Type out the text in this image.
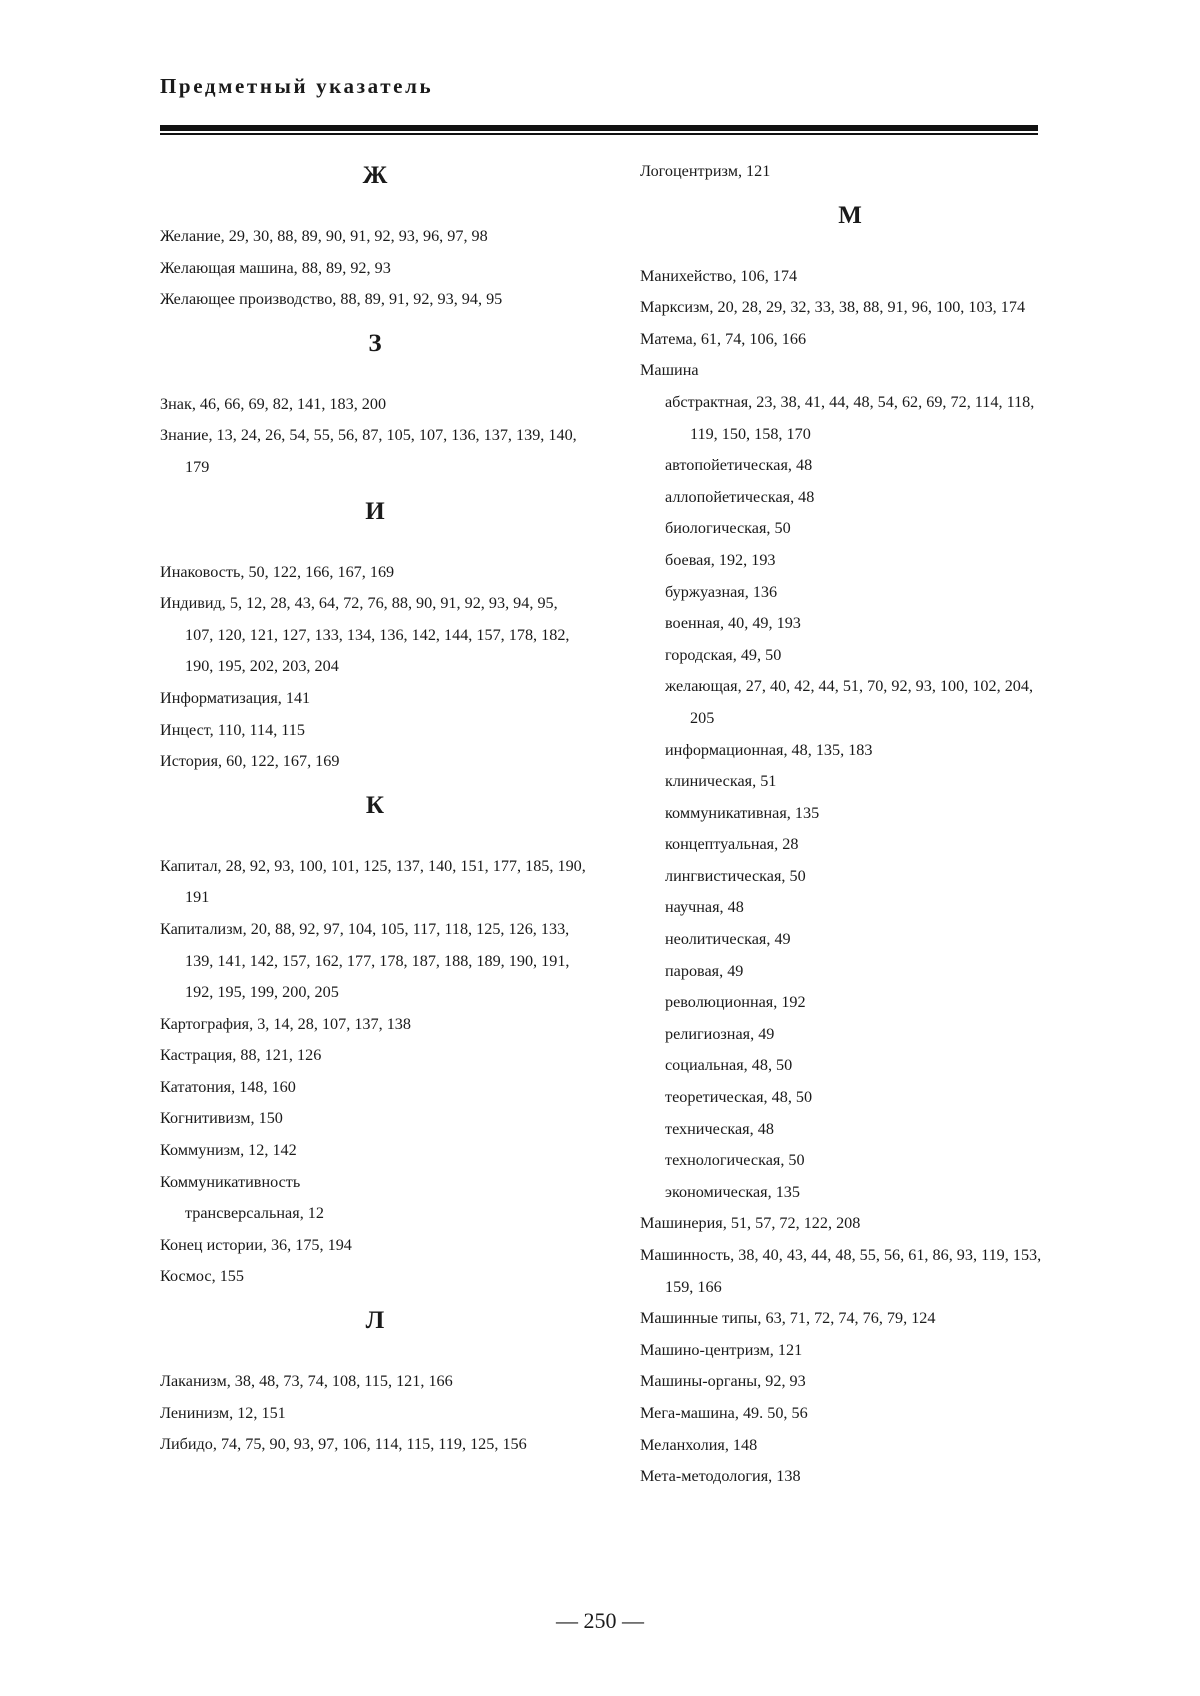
Предметный указатель
Ж
Желание, 29, 30, 88, 89, 90, 91, 92, 93, 96, 97, 98
Желающая машина, 88, 89, 92, 93
Желающее производство, 88, 89, 91, 92, 93, 94, 95
З
Знак, 46, 66, 69, 82, 141, 183, 200
Знание, 13, 24, 26, 54, 55, 56, 87, 105, 107, 136, 137, 139, 140, 179
И
Инаковость, 50, 122, 166, 167, 169
Индивид, 5, 12, 28, 43, 64, 72, 76, 88, 90, 91, 92, 93, 94, 95, 107, 120, 121, 127, 133, 134, 136, 142, 144, 157, 178, 182, 190, 195, 202, 203, 204
Информатизация, 141
Инцест, 110, 114, 115
История, 60, 122, 167, 169
К
Капитал, 28, 92, 93, 100, 101, 125, 137, 140, 151, 177, 185, 190, 191
Капитализм, 20, 88, 92, 97, 104, 105, 117, 118, 125, 126, 133, 139, 141, 142, 157, 162, 177, 178, 187, 188, 189, 190, 191, 192, 195, 199, 200, 205
Картография, 3, 14, 28, 107, 137, 138
Кастрация, 88, 121, 126
Кататония, 148, 160
Когнитивизм, 150
Коммунизм, 12, 142
Коммуникативность
трансверсальная, 12
Конец истории, 36, 175, 194
Космос, 155
Л
Лаканизм, 38, 48, 73, 74, 108, 115, 121, 166
Ленинизм, 12, 151
Либидо, 74, 75, 90, 93, 97, 106, 114, 115, 119, 125, 156
Логоцентризм, 121
М
Манихейство, 106, 174
Марксизм, 20, 28, 29, 32, 33, 38, 88, 91, 96, 100, 103, 174
Матема, 61, 74, 106, 166
Машина
абстрактная, 23, 38, 41, 44, 48, 54, 62, 69, 72, 114, 118, 119, 150, 158, 170
автопойетическая, 48
аллопойетическая, 48
биологическая, 50
боевая, 192, 193
буржуазная, 136
военная, 40, 49, 193
городская, 49, 50
желающая, 27, 40, 42, 44, 51, 70, 92, 93, 100, 102, 204, 205
информационная, 48, 135, 183
клиническая, 51
коммуникативная, 135
концептуальная, 28
лингвистическая, 50
научная, 48
неолитическая, 49
паровая, 49
революционная, 192
религиозная, 49
социальная, 48, 50
теоретическая, 48, 50
техническая, 48
технологическая, 50
экономическая, 135
Машинерия, 51, 57, 72, 122, 208
Машинность, 38, 40, 43, 44, 48, 55, 56, 61, 86, 93, 119, 153, 159, 166
Машинные типы, 63, 71, 72, 74, 76, 79, 124
Машино-центризм, 121
Машины-органы, 92, 93
Мега-машина, 49. 50, 56
Меланхолия, 148
Мета-методология, 138
— 250 —
